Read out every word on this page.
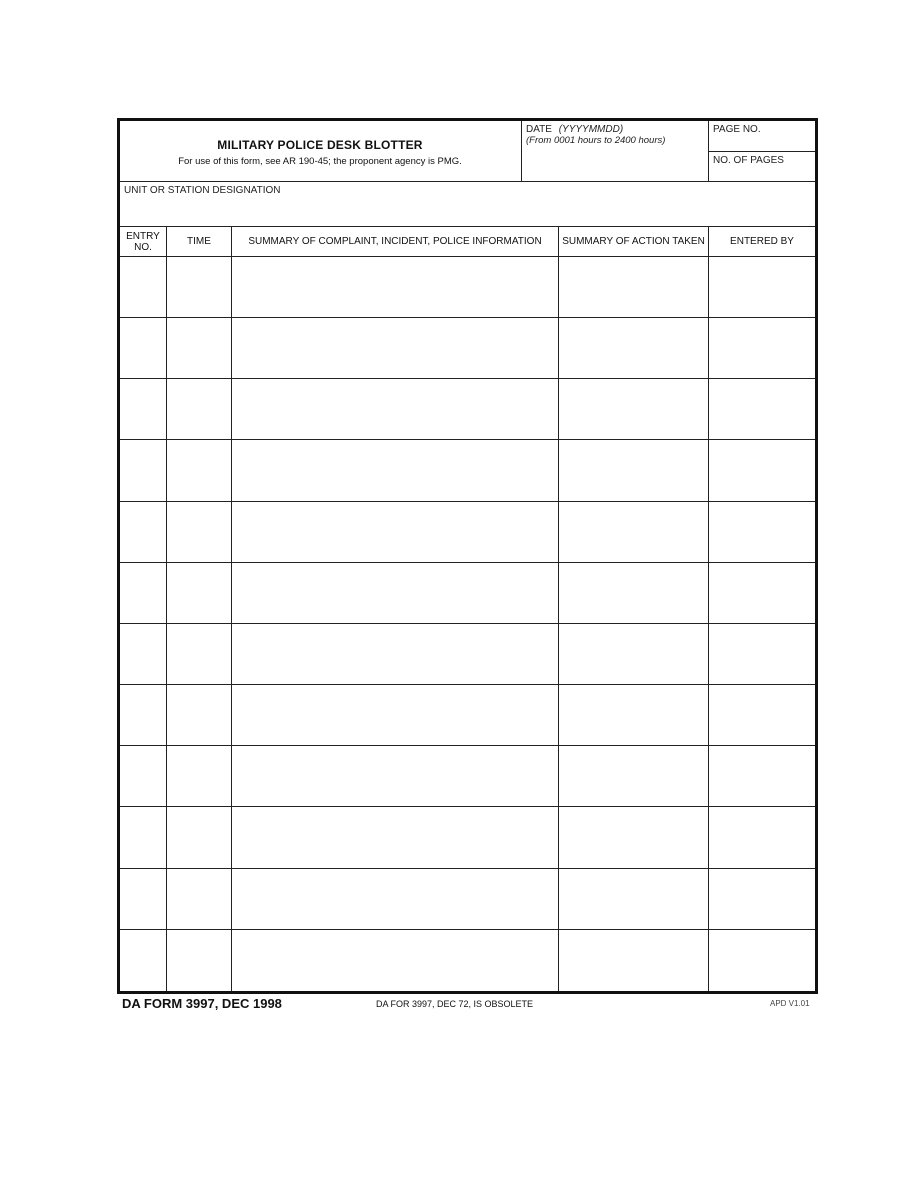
MILITARY POLICE DESK BLOTTER
For use of this form, see AR 190-45; the proponent agency is PMG.
DATE (YYYYMMDD)
(From 0001 hours to 2400 hours)
PAGE NO.
NO. OF PAGES
UNIT OR STATION DESIGNATION
ENTRY NO.	TIME	SUMMARY OF COMPLAINT, INCIDENT, POLICE INFORMATION	SUMMARY OF ACTION TAKEN	ENTERED BY
DA FORM 3997, DEC 1998	DA FOR 3997, DEC 72, IS OBSOLETE	APD V1.01
